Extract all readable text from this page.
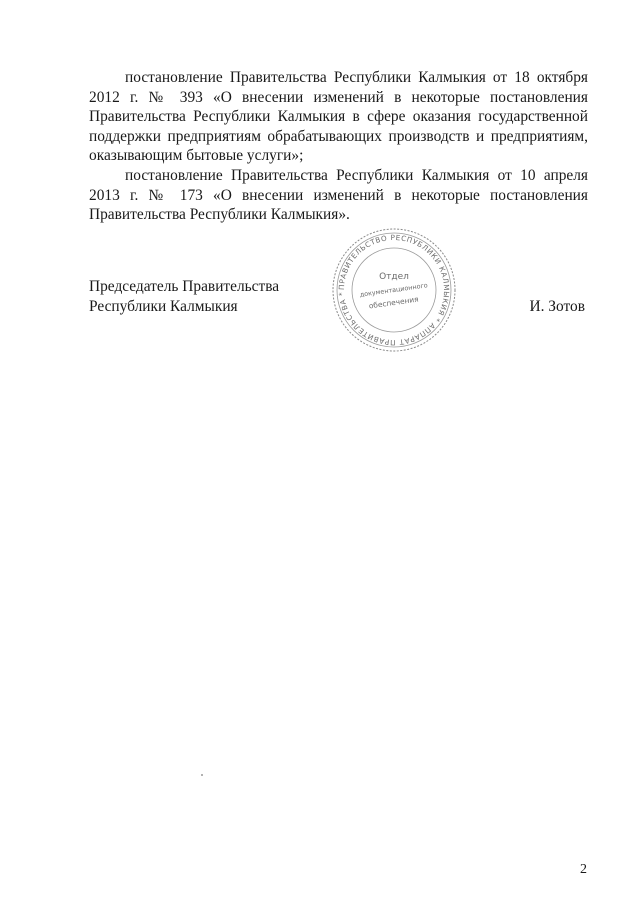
постановление Правительства Республики Калмыкия от 18 октября 2012 г. № 393 «О внесении изменений в некоторые постановления Правительства Республики Калмыкия в сфере оказания государственной поддержки предприятиям обрабатывающих производств и предприятиям, оказывающим бытовые услуги»;

постановление Правительства Республики Калмыкия от 10 апреля 2013 г. № 173 «О внесении изменений в некоторые постановления Правительства Республики Калмыкия».

ПРАВИТЕЛЬСТВО РЕСПУБЛИКИ КАЛМЫКИЯ * АППАРАТ ПРАВИТЕЛЬСТВА *
Отдел
документационного
обеспечения
Председатель Правительства
Республики Калмыкия	И. Зотов
2
